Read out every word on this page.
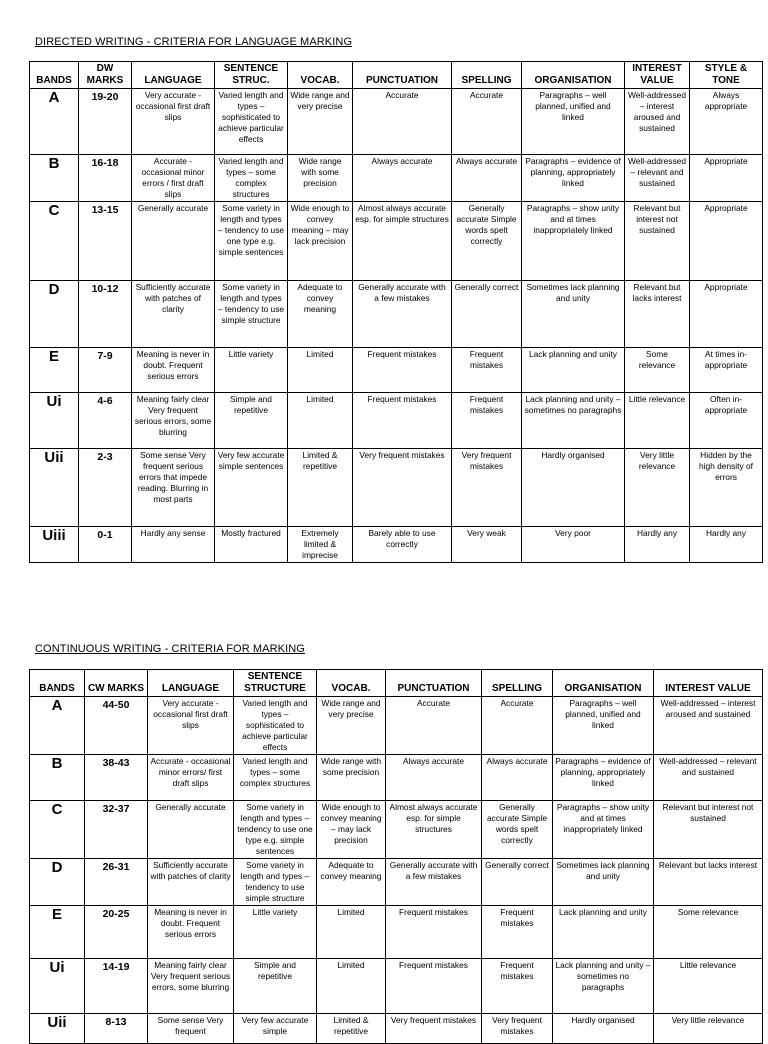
DIRECTED WRITING - CRITERIA FOR LANGUAGE MARKING
BANDS	DW MARKS	LANGUAGE	SENTENCE STRUC.	VOCAB.	PUNCTUATION	SPELLING	ORGANISATION	INTEREST VALUE	STYLE & TONE
A	19-20	Very accurate - occasional first draft slips	Varied length and types – sophisticated to achieve particular effects	Wide range and very precise	Accurate	Accurate	Paragraphs – well planned, unified and linked	Well-addressed – interest aroused and sustained	Always appropriate
B	16-18	Accurate - occasional minor errors / first draft slips	Varied length and types – some complex structures	Wide range with some precision	Always accurate	Always accurate	Paragraphs – evidence of planning, appropriately linked	Well-addressed – relevant and sustained	Appropriate
C	13-15	Generally accurate	Some variety in length and types – tendency to use one type e.g. simple sentences	Wide enough to convey meaning – may lack precision	Almost always accurate esp. for simple structures	Generally accurate Simple words spelt correctly	Paragraphs – show unity and at times inappropriately linked	Relevant but interest not sustained	Appropriate
D	10-12	Sufficiently accurate with patches of clarity	Some variety in length and types – tendency to use simple structure	Adequate to convey meaning	Generally accurate with a few mistakes	Generally correct	Sometimes lack planning and unity	Relevant but lacks interest	Appropriate
E	7-9	Meaning is never in doubt. Frequent serious errors	Little variety	Limited	Frequent mistakes	Frequent mistakes	Lack planning and unity	Some relevance	At times in-appropriate
Ui	4-6	Meaning fairly clear Very frequent serious errors, some blurring	Simple and repetitive	Limited	Frequent mistakes	Frequent mistakes	Lack planning and unity – sometimes no paragraphs	Little relevance	Often in-appropriate
Uii	2-3	Some sense Very frequent serious errors that impede reading. Blurring in most parts	Very few accurate simple sentences	Limited & repetitive	Very frequent mistakes	Very frequent mistakes	Hardly organised	Very little relevance	Hidden by the high density of errors
Uiii	0-1	Hardly any sense	Mostly fractured	Extremely limited & imprecise	Barely able to use correctly	Very weak	Very poor	Hardly any	Hardly any
CONTINUOUS WRITING - CRITERIA FOR MARKING
BANDS	CW MARKS	LANGUAGE	SENTENCE STRUCTURE	VOCAB.	PUNCTUATION	SPELLING	ORGANISATION	INTEREST VALUE
A	44-50	Very accurate - occasional first draft slips	Varied length and types – sophisticated to achieve particular effects	Wide range and very precise	Accurate	Accurate	Paragraphs – well planned, unified and linked	Well-addressed – interest aroused and sustained
B	38-43	Accurate - occasional minor errors/ first draft slips	Varied length and types – some complex structures	Wide range with some precision	Always accurate	Always accurate	Paragraphs – evidence of planning, appropriately linked	Well-addressed – relevant and sustained
C	32-37	Generally accurate	Some variety in length and types – tendency to use one type e.g. simple sentences	Wide enough to convey meaning – may lack precision	Almost always accurate esp. for simple structures	Generally accurate Simple words spelt correctly	Paragraphs – show unity and at times inappropriately linked	Relevant but interest not sustained
D	26-31	Sufficiently accurate with patches of clarity	Some variety in length and types – tendency to use simple structure	Adequate to convey meaning	Generally accurate with a few mistakes	Generally correct	Sometimes lack planning and unity	Relevant but lacks interest
E	20-25	Meaning is never in doubt. Frequent serious errors	Little variety	Limited	Frequent mistakes	Frequent mistakes	Lack planning and unity	Some relevance
Ui	14-19	Meaning fairly clear Very frequent serious errors, some blurring	Simple and repetitive	Limited	Frequent mistakes	Frequent mistakes	Lack planning and unity – sometimes no paragraphs	Little relevance
Uii	8-13	Some sense Very frequent	Very few accurate simple	Limited & repetitive	Very frequent mistakes	Very frequent mistakes	Hardly organised	Very little relevance
